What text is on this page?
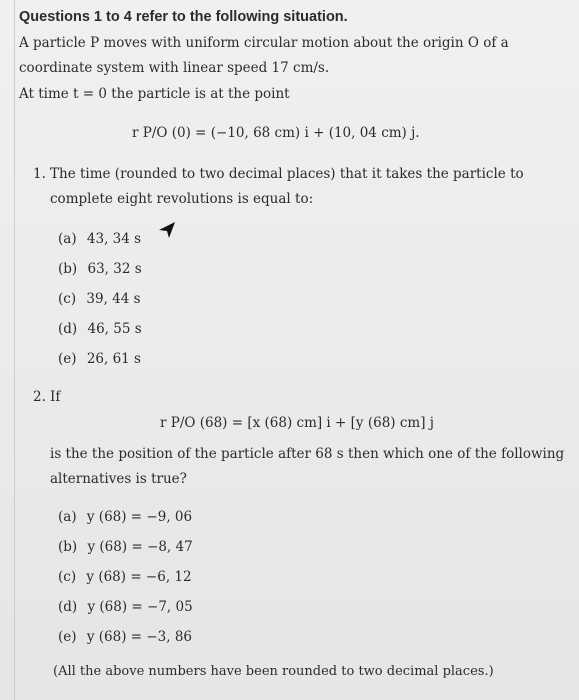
Questions 1 to 4 refer to the following situation.
A particle P moves with uniform circular motion about the origin O of a
coordinate system with linear speed 17 cm/s.
At time t = 0 the particle is at the point
r P/O (0) = (−10, 68 cm) i + (10, 04 cm) j.
1. The time (rounded to two decimal places) that it takes the particle to
complete eight revolutions is equal to:
(a) 43, 34 s
(b) 63, 32 s
(c) 39, 44 s
(d) 46, 55 s
(e) 26, 61 s
2. If
r P/O (68) = [x (68) cm] i + [y (68) cm] j
is the the position of the particle after 68 s then which one of the following
alternatives is true?
(a) y (68) = −9, 06
(b) y (68) = −8, 47
(c) y (68) = −6, 12
(d) y (68) = −7, 05
(e) y (68) = −3, 86
(All the above numbers have been rounded to two decimal places.)
